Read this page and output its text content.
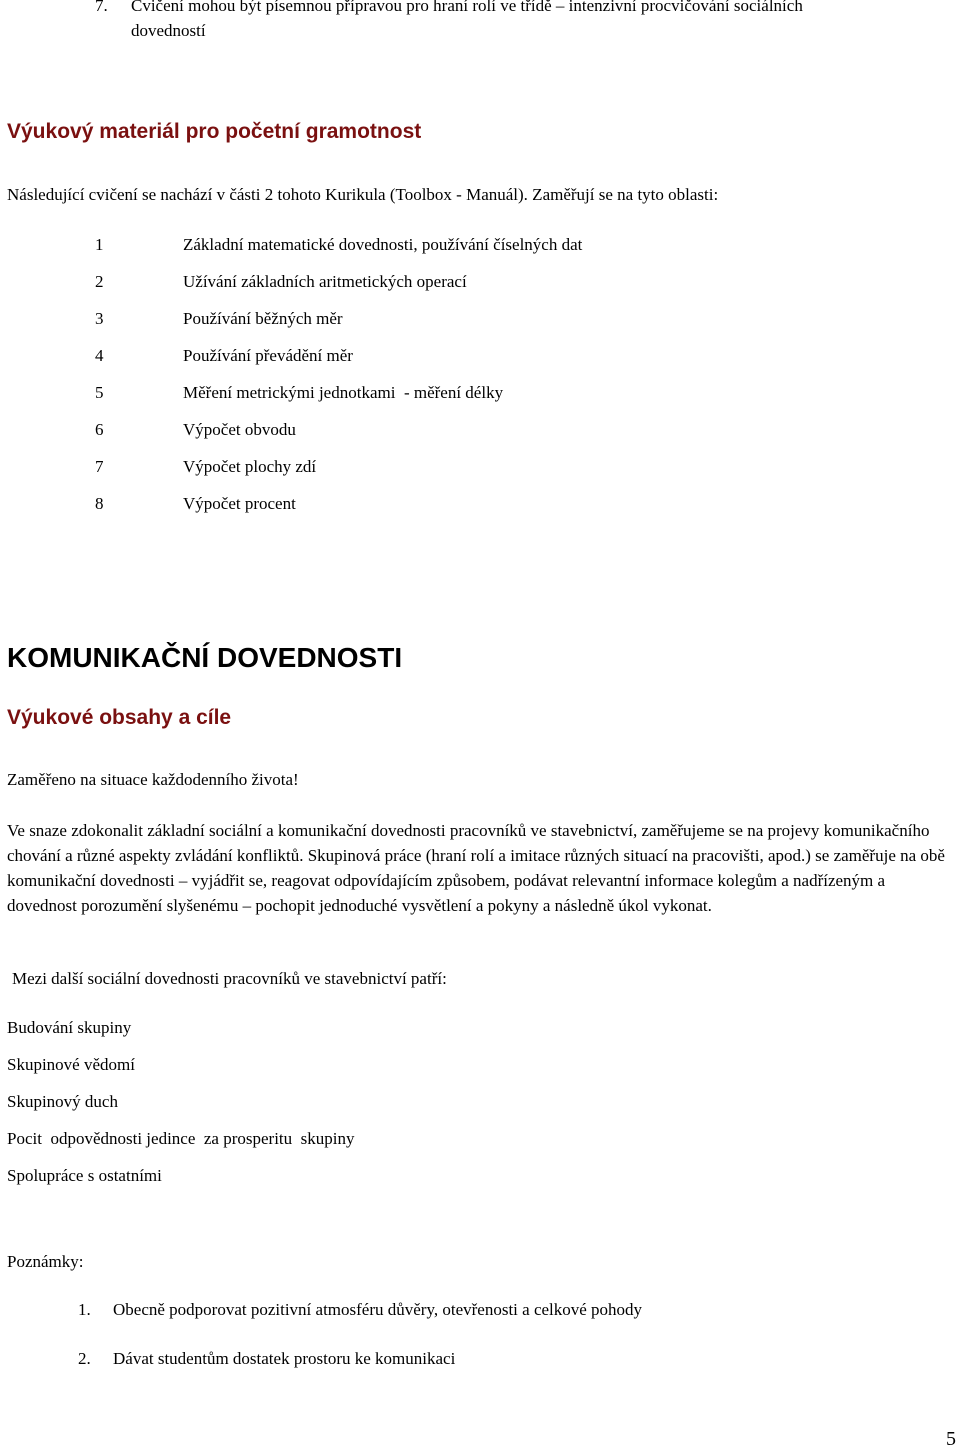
7. Cvičení mohou být písemnou přípravou pro hraní rolí ve třídě – intenzivní procvičování sociálních
dovedností
Výukový materiál pro početní gramotnost
Následující cvičení se nachází v části 2 tohoto Kurikula (Toolbox - Manuál). Zaměřují se na tyto oblasti:
1	Základní matematické dovednosti, používání číselných dat
2	Užívání základních aritmetických operací
3	Používání běžných měr
4	Používání převádění měr
5	Měření metrickými jednotkami  - měření délky
6	Výpočet obvodu
7	Výpočet plochy zdí
8	Výpočet procent
KOMUNIKAČNÍ DOVEDNOSTI
Výukové obsahy a cíle
Zaměřeno na situace každodenního života!
Ve snaze zdokonalit základní sociální a komunikační dovednosti pracovníků ve stavebnictví, zaměřujeme se na projevy komunikačního chování a různé aspekty zvládání konfliktů. Skupinová práce (hraní rolí a imitace různých situací na pracovišti, apod.) se zaměřuje na obě komunikační dovednosti – vyjádřit se, reagovat odpovídajícím způsobem, podávat relevantní informace kolegům a nadřízeným a dovednost porozumění slyšenému – pochopit jednoduché vysvětlení a pokyny a následně úkol vykonat.
Mezi další sociální dovednosti pracovníků ve stavebnictví patří:
Budování skupiny
Skupinové vědomí
Skupinový duch
Pocit  odpovědnosti jedince  za prosperitu  skupiny
Spolupráce s ostatními
Poznámky:
1. Obecně podporovat pozitivní atmosféru důvěry, otevřenosti a celkové pohody
2. Dávat studentům dostatek prostoru ke komunikaci
5
